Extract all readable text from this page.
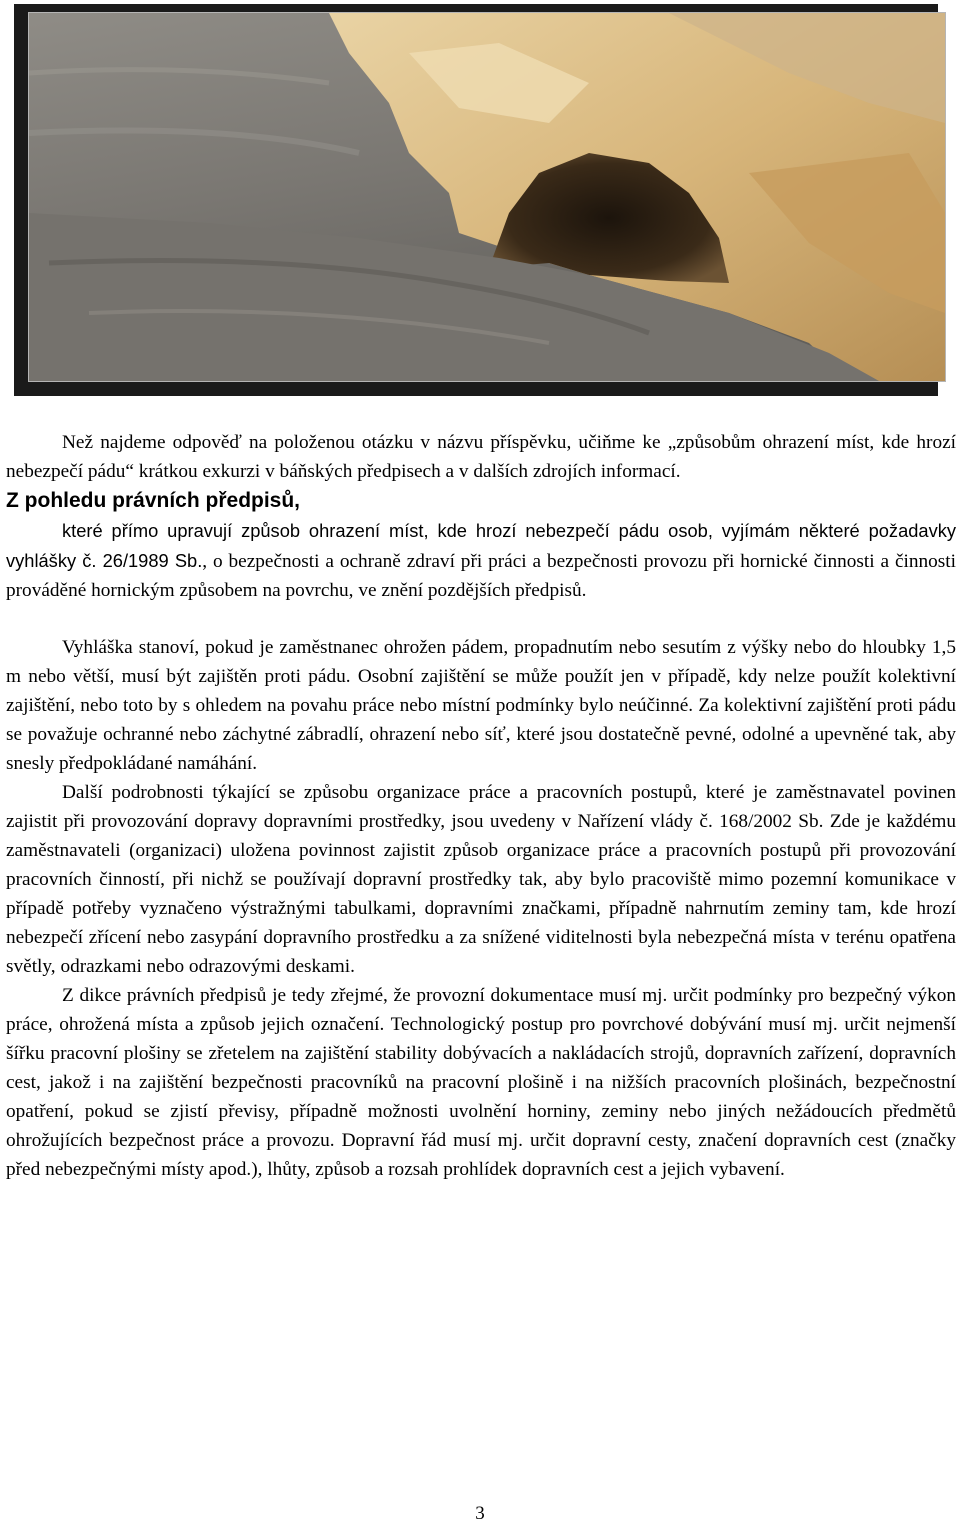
Než najdeme odpověď na položenou otázku v názvu příspěvku, učiňme ke „způsobům ohrazení míst, kde hrozí nebezpečí pádu“ krátkou exkurzi v báňských předpisech a v dalších zdrojích informací.

Z pohledu právních předpisů,

které přímo upravují způsob ohrazení míst, kde hrozí nebezpečí pádu osob, vyjímám některé požadavky vyhlášky č. 26/1989 Sb., o bezpečnosti a ochraně zdraví při práci a bezpečnosti provozu při hornické činnosti a činnosti prováděné hornickým způsobem na povrchu, ve znění pozdějších předpisů.

Vyhláška stanoví, pokud je zaměstnanec ohrožen pádem, propadnutím nebo sesutím z výšky nebo do hloubky 1,5 m nebo větší, musí být zajištěn proti pádu. Osobní zajištění se může použít jen v případě, kdy nelze použít kolektivní zajištění, nebo toto by s ohledem na povahu práce nebo místní podmínky bylo neúčinné. Za kolektivní zajištění proti pádu se považuje ochranné nebo záchytné zábradlí, ohrazení nebo síť, které jsou dostatečně pevné, odolné a upevněné tak, aby snesly předpokládané namáhání.

Další podrobnosti týkající se způsobu organizace práce a pracovních postupů, které je zaměstnavatel povinen zajistit při provozování dopravy dopravními prostředky, jsou uvedeny v Nařízení vlády č. 168/2002 Sb. Zde je každému zaměstnavateli (organizaci) uložena povinnost zajistit způsob organizace práce a pracovních postupů při provozování pracovních činností, při nichž se používají dopravní prostředky tak, aby bylo pracoviště mimo pozemní komunikace v případě potřeby vyznačeno výstražnými tabulkami, dopravními značkami, případně nahrnutím zeminy tam, kde hrozí nebezpečí zřícení nebo zasypání dopravního prostředku a za snížené viditelnosti byla nebezpečná místa v terénu opatřena světly, odrazkami nebo odrazovými deskami.

Z dikce právních předpisů je tedy zřejmé, že provozní dokumentace musí mj. určit podmínky pro bezpečný výkon práce, ohrožená místa a způsob jejich označení. Technologický postup pro povrchové dobývání musí mj. určit nejmenší šířku pracovní plošiny se zřetelem na zajištění stability dobývacích a nakládacích strojů, dopravních zařízení, dopravních cest, jakož i na zajištění bezpečnosti pracovníků na pracovní plošině i na nižších pracovních plošinách, bezpečnostní opatření, pokud se zjistí převisy, případně možnosti uvolnění horniny, zeminy nebo jiných nežádoucích předmětů ohrožujících bezpečnost práce a provozu. Dopravní řád musí mj. určit dopravní cesty, značení dopravních cest (značky před nebezpečnými místy apod.), lhůty, způsob a rozsah prohlídek dopravních cest a jejich vybavení.

3
